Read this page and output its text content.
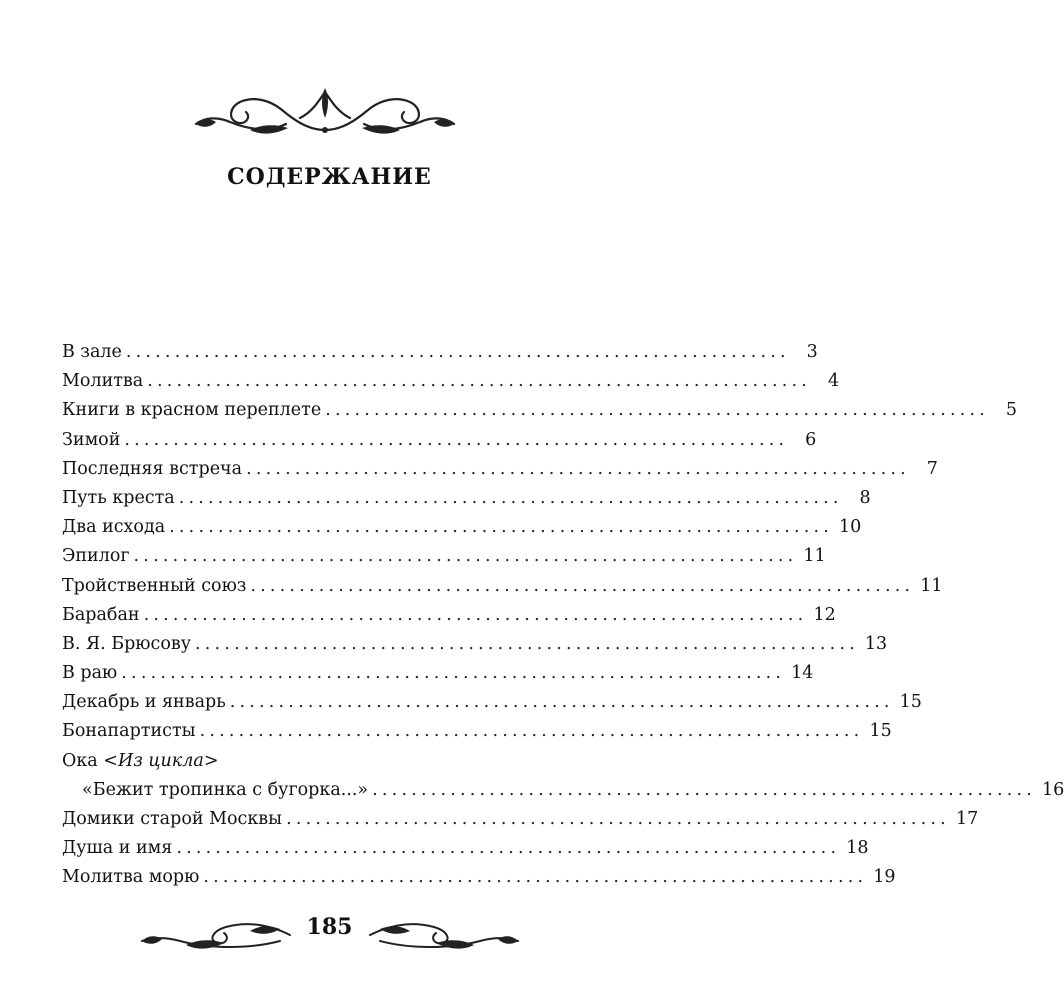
СОДЕРЖАНИЕ
В зале .................................................................... 3
Молитва .................................................................... 4
Книги в красном переплете .................................................................... 5
Зимой .................................................................... 6
Последняя встреча .................................................................... 7
Путь креста .................................................................... 8
Два исхода .................................................................... 10
Эпилог .................................................................... 11
Тройственный союз .................................................................... 11
Барабан .................................................................... 12
В. Я. Брюсову .................................................................... 13
В раю .................................................................... 14
Декабрь и январь .................................................................... 15
Бонапартисты .................................................................... 15
Ока <Из цикла>
«Бежит тропинка с бугорка...» .................................................................... 16
Домики старой Москвы .................................................................... 17
Душа и имя .................................................................... 18
Молитва морю .................................................................... 19
185
